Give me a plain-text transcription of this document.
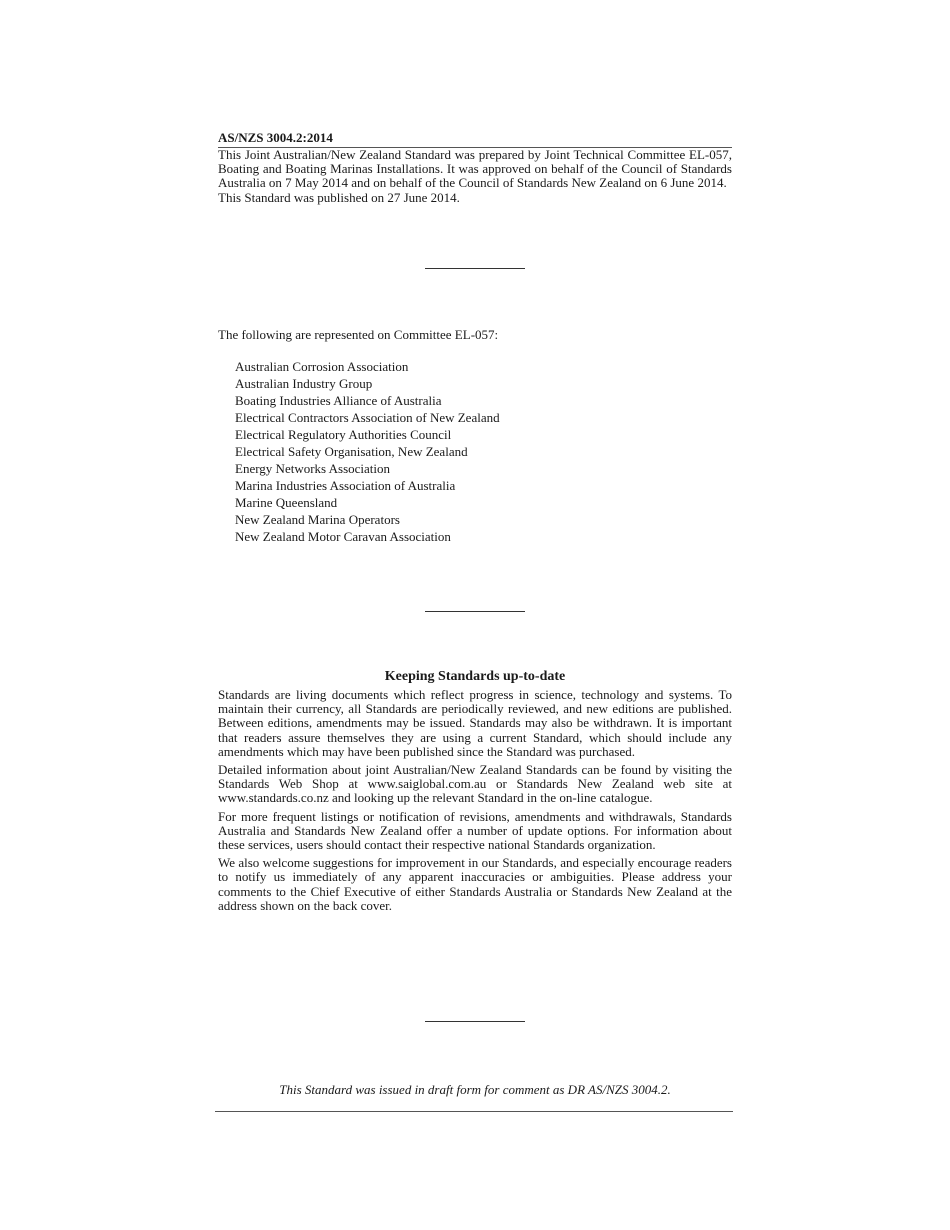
AS/NZS 3004.2:2014

This Joint Australian/New Zealand Standard was prepared by Joint Technical Committee EL-057, Boating and Boating Marinas Installations. It was approved on behalf of the Council of Standards Australia on 7 May 2014 and on behalf of the Council of Standards New Zealand on 6 June 2014.

This Standard was published on 27 June 2014.

The following are represented on Committee EL-057:
Australian Corrosion Association
Australian Industry Group
Boating Industries Alliance of Australia
Electrical Contractors Association of New Zealand
Electrical Regulatory Authorities Council
Electrical Safety Organisation, New Zealand
Energy Networks Association
Marina Industries Association of Australia
Marine Queensland
New Zealand Marina Operators
New Zealand Motor Caravan Association
Keeping Standards up-to-date

Standards are living documents which reflect progress in science, technology and systems. To maintain their currency, all Standards are periodically reviewed, and new editions are published. Between editions, amendments may be issued. Standards may also be withdrawn. It is important that readers assure themselves they are using a current Standard, which should include any amendments which may have been published since the Standard was purchased.

Detailed information about joint Australian/New Zealand Standards can be found by visiting the Standards Web Shop at www.saiglobal.com.au or Standards New Zealand web site at www.standards.co.nz and looking up the relevant Standard in the on-line catalogue.

For more frequent listings or notification of revisions, amendments and withdrawals, Standards Australia and Standards New Zealand offer a number of update options. For information about these services, users should contact their respective national Standards organization.

We also welcome suggestions for improvement in our Standards, and especially encourage readers to notify us immediately of any apparent inaccuracies or ambiguities. Please address your comments to the Chief Executive of either Standards Australia or Standards New Zealand at the address shown on the back cover.

This Standard was issued in draft form for comment as DR AS/NZS 3004.2.
